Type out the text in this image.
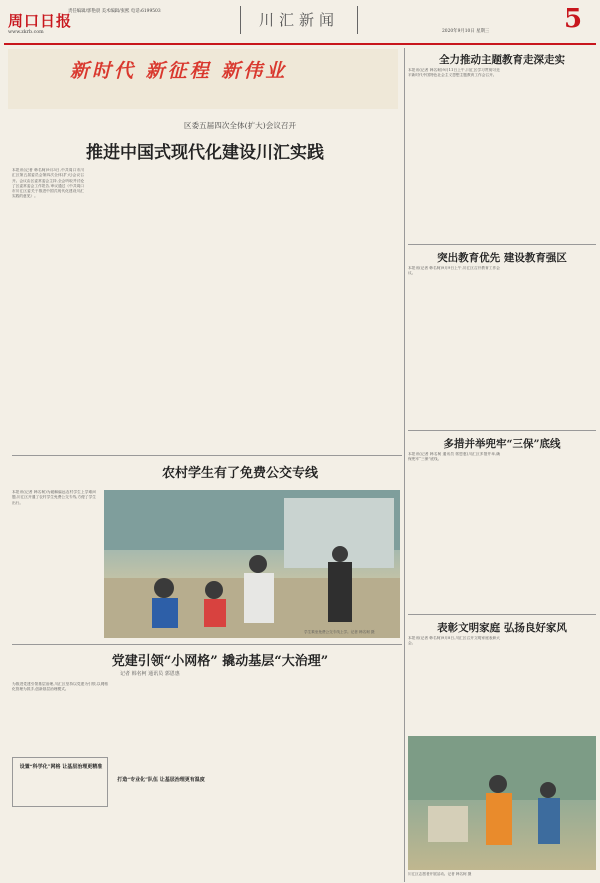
周口日报
www.zkrb.com
责任编辑/郭艳晨 美术编辑/张熙 电话:6199503	川汇新闻
2020年9月10日 星期三	5
新时代 新征程 新伟业
区委五届四次全体(扩大)会议召开
推进中国式现代化建设川汇实践
本报讯(记者 韩名柯)9月3日,中共周口市川汇区第五届委员会第四次全体(扩大)会议召开。会议由区委常委会主持,全会听取并讨论了区委常委会工作报告,审议通过《中共周口市川汇区委关于推进中国式现代化建设川汇实践的意见》。
农村学生有了免费公交专线
本报讯(记者 韩名柯)为破解偏远农村学生上学难问题,川汇区开通了农村学生免费公交专线,方便了学生出行。
学生乘坐免费公交专线上学。记者 韩名柯 摄
党建引领“小网格” 撬动基层“大治理”
记者 韩名柯 通讯员 郭恩惠
为推进党建引领基层治理,川汇区坚持以党建为引领,以网格化管理为抓手,创新基层治理模式。
设置“科学化”网格 让基层治理更精准
打造“专业化”队伍 让基层治理更有温度
全力推动主题教育走深走实
本报讯(记者 韩名柯)9月11日上午,川汇区学习贯彻习近平新时代中国特色社会主义思想主题教育工作会召开。
突出教育优先 建设教育强区
本报讯(记者 韩名柯)9月9日上午,川汇区召开教育工作会议。
多措并举兜牢“三保”底线
本报讯(记者 韩名柯 通讯员 郭恩惠)川汇区多措并举,确保兜牢“三保”底线。
表彰文明家庭 弘扬良好家风
本报讯(记者 韩名柯)9月8日,川汇区召开文明家庭表彰大会。
川汇区志愿者开展活动。记者 韩名柯 摄
